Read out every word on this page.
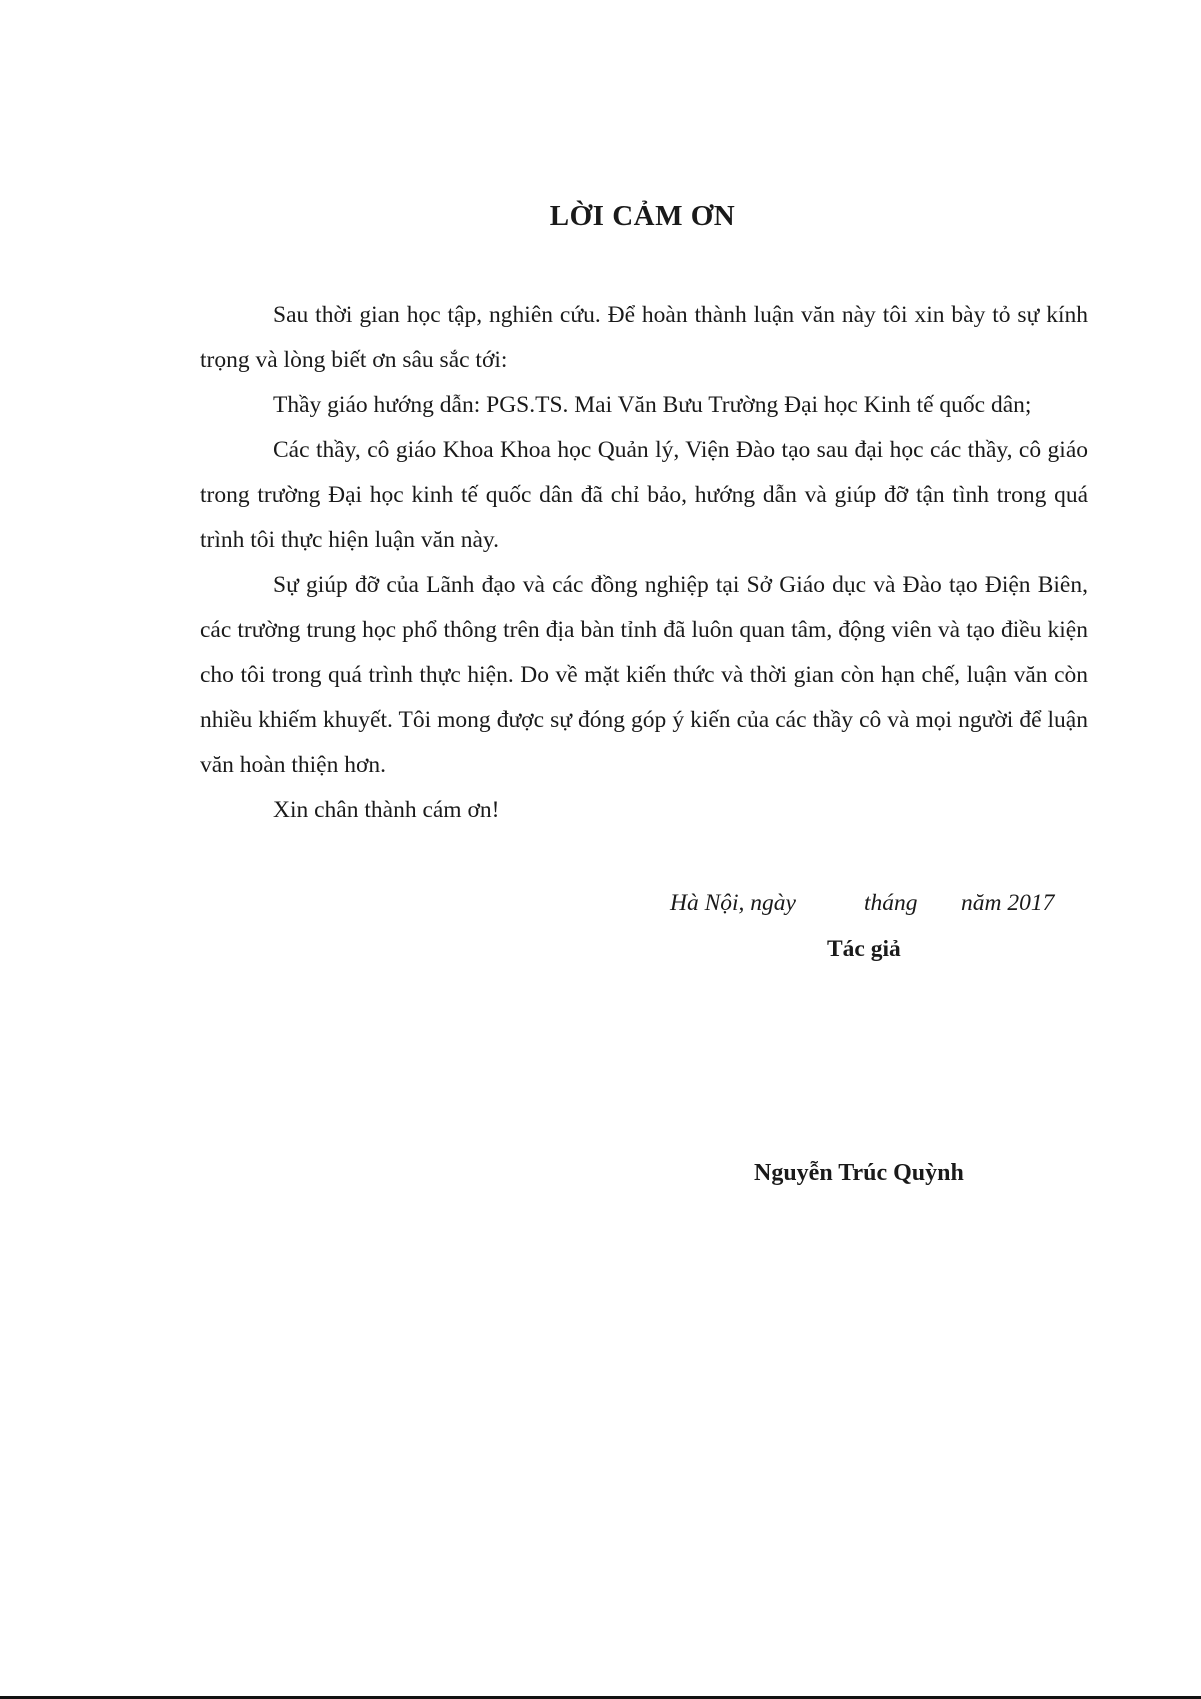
LỜI CẢM ƠN

Sau thời gian học tập, nghiên cứu. Để hoàn thành luận văn này tôi xin bày tỏ sự kính trọng và lòng biết ơn sâu sắc tới:

Thầy giáo hướng dẫn: PGS.TS. Mai Văn Bưu Trường Đại học Kinh tế quốc dân;

Các thầy, cô giáo Khoa Khoa học Quản lý, Viện Đào tạo sau đại học các thầy, cô giáo trong trường Đại học kinh tế quốc dân đã chỉ bảo, hướng dẫn và giúp đỡ tận tình trong quá trình tôi thực hiện luận văn này.

Sự giúp đỡ của Lãnh đạo và các đồng nghiệp tại Sở Giáo dục và Đào tạo Điện Biên, các trường trung học phổ thông trên địa bàn tỉnh đã luôn quan tâm, động viên và tạo điều kiện cho tôi trong quá trình thực hiện. Do về mặt kiến thức và thời gian còn hạn chế, luận văn còn nhiều khiếm khuyết. Tôi mong được sự đóng góp ý kiến của các thầy cô và mọi người để luận văn hoàn thiện hơn.

Xin chân thành cám ơn!

Hà Nội, ngày	tháng năm 2017
Tác giả
Nguyễn Trúc Quỳnh
